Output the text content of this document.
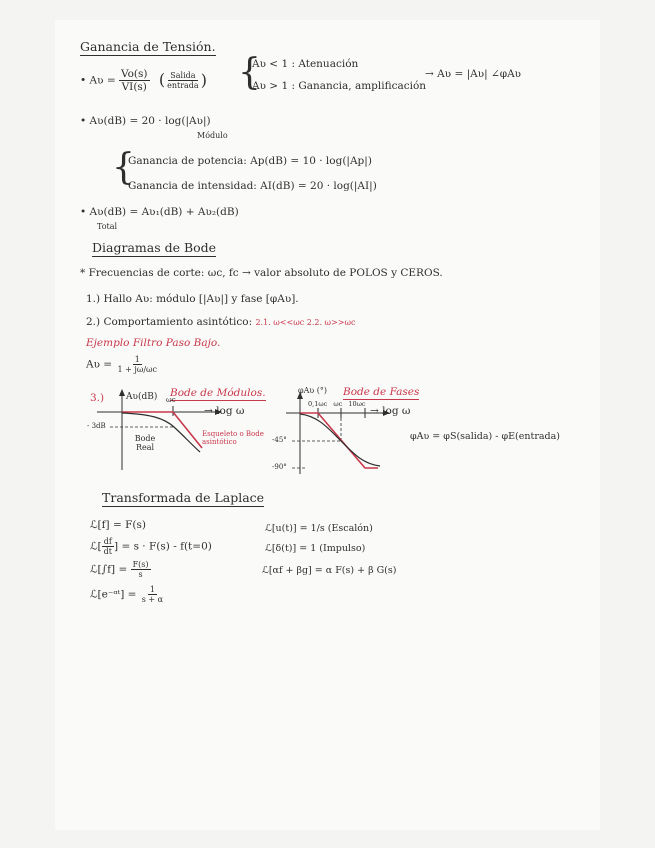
Ganancia de Tensión.
• Aʋ = $\frac{Vo(s)}{VI(s)}$ ( $\frac{\text{Salida}}{\text{entrada}}$ ) {
Aʋ < 1 : Atenuación
Aʋ > 1 : Ganancia, amplificación
→ Aʋ = |Aʋ| ∠φAʋ
• Aʋ(dB) = 20 · log(|Aʋ|)
Módulo
{
Ganancia de potencia: Ap(dB) = 10 · log(|Ap|)
Ganancia de intensidad: AI(dB) = 20 · log(|AI|)
• Aʋ(dB) = Aʋ₁(dB) + Aʋ₂(dB)
Total
Diagramas de Bode
* Frecuencias de corte: ωc, fc → valor absoluto de POLOS y CEROS.
1.) Hallo Aʋ: módulo [|Aʋ|] y fase [φAʋ].
2.) Comportamiento asintótico: 2.1. ω<<ωc 2.2. ω>>ωc
Ejemplo Filtro Paso Bajo.
Aʋ = $\frac{1}{1 + j\omega/\omega c}$
3.)	Bode de Módulos.
Aʋ(dB)
→ log ω
ωc
- 3dB
Bode Real
Esqueleto o Bode asintótico
Bode de Fases
φAʋ (°)
→ log ω
0,1ωc ωc 10ωc
-45°
-90°
φAʋ = φS(salida) - φE(entrada)
Transformada de Laplace
ℒ[f] = F(s)
ℒ[ $\frac{df}{dt}$ ] = s · F(s) - f(t=0)
ℒ[∫f] = $\frac{F(s)}{s}$
ℒ[e⁻ᵅᵗ] = $\frac{1}{s + \alpha}$
ℒ[u(t)] = 1/s (Escalón)
ℒ[δ(t)] = 1 (Impulso)
ℒ[αf + βg] = α F(s) + β G(s)
